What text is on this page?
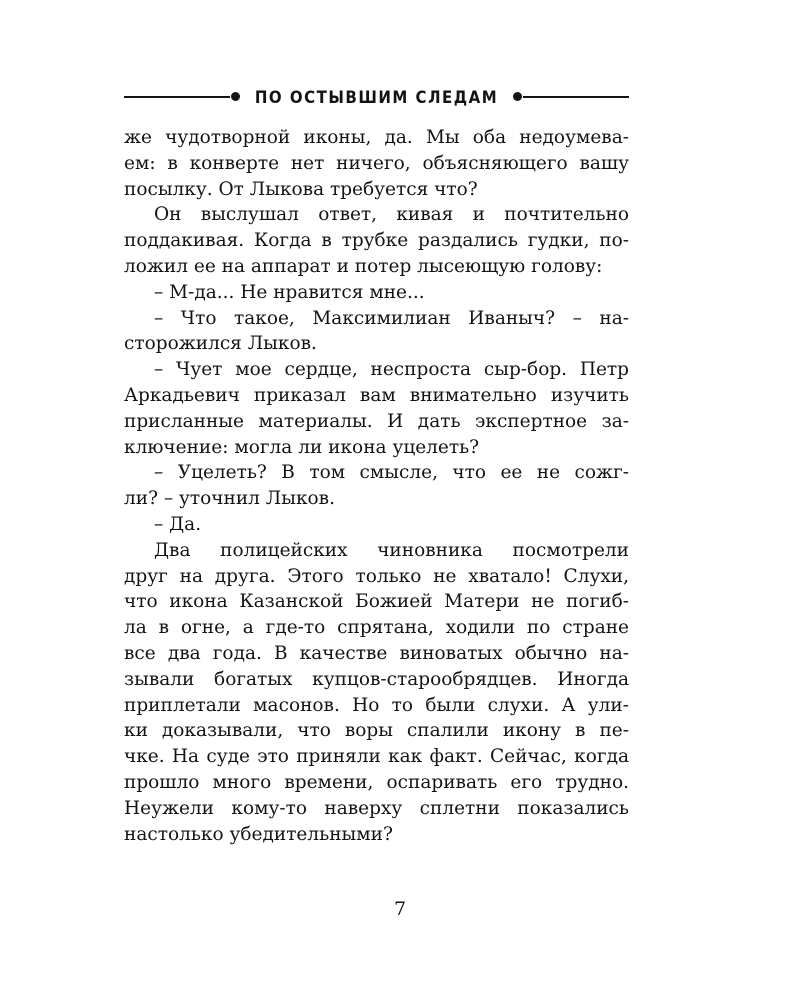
ПО ОСТЫВШИМ СЛЕДАМ
же чудотворной иконы, да. Мы оба недоумева-
ем: в конверте нет ничего, объясняющего вашу
посылку. От Лыкова требуется что?
Он выслушал ответ, кивая и почтительно
поддакивая. Когда в трубке раздались гудки, по-
ложил ее на аппарат и потер лысеющую голову:
– М-да... Не нравится мне...
– Что такое, Максимилиан Иваныч? – на-
сторожился Лыков.
– Чует мое сердце, неспроста сыр-бор. Петр
Аркадьевич приказал вам внимательно изучить
присланные материалы. И дать экспертное за-
ключение: могла ли икона уцелеть?
– Уцелеть? В том смысле, что ее не сожг-
ли? – уточнил Лыков.
– Да.
Два полицейских чиновника посмотрели
друг на друга. Этого только не хватало! Слухи,
что икона Казанской Божией Матери не погиб-
ла в огне, а где-то спрятана, ходили по стране
все два года. В качестве виноватых обычно на-
зывали богатых купцов-старообрядцев. Иногда
приплетали масонов. Но то были слухи. А ули-
ки доказывали, что воры спалили икону в пе-
чке. На суде это приняли как факт. Сейчас, когда
прошло много времени, оспаривать его трудно.
Неужели кому-то наверху сплетни показались
настолько убедительными?
7
